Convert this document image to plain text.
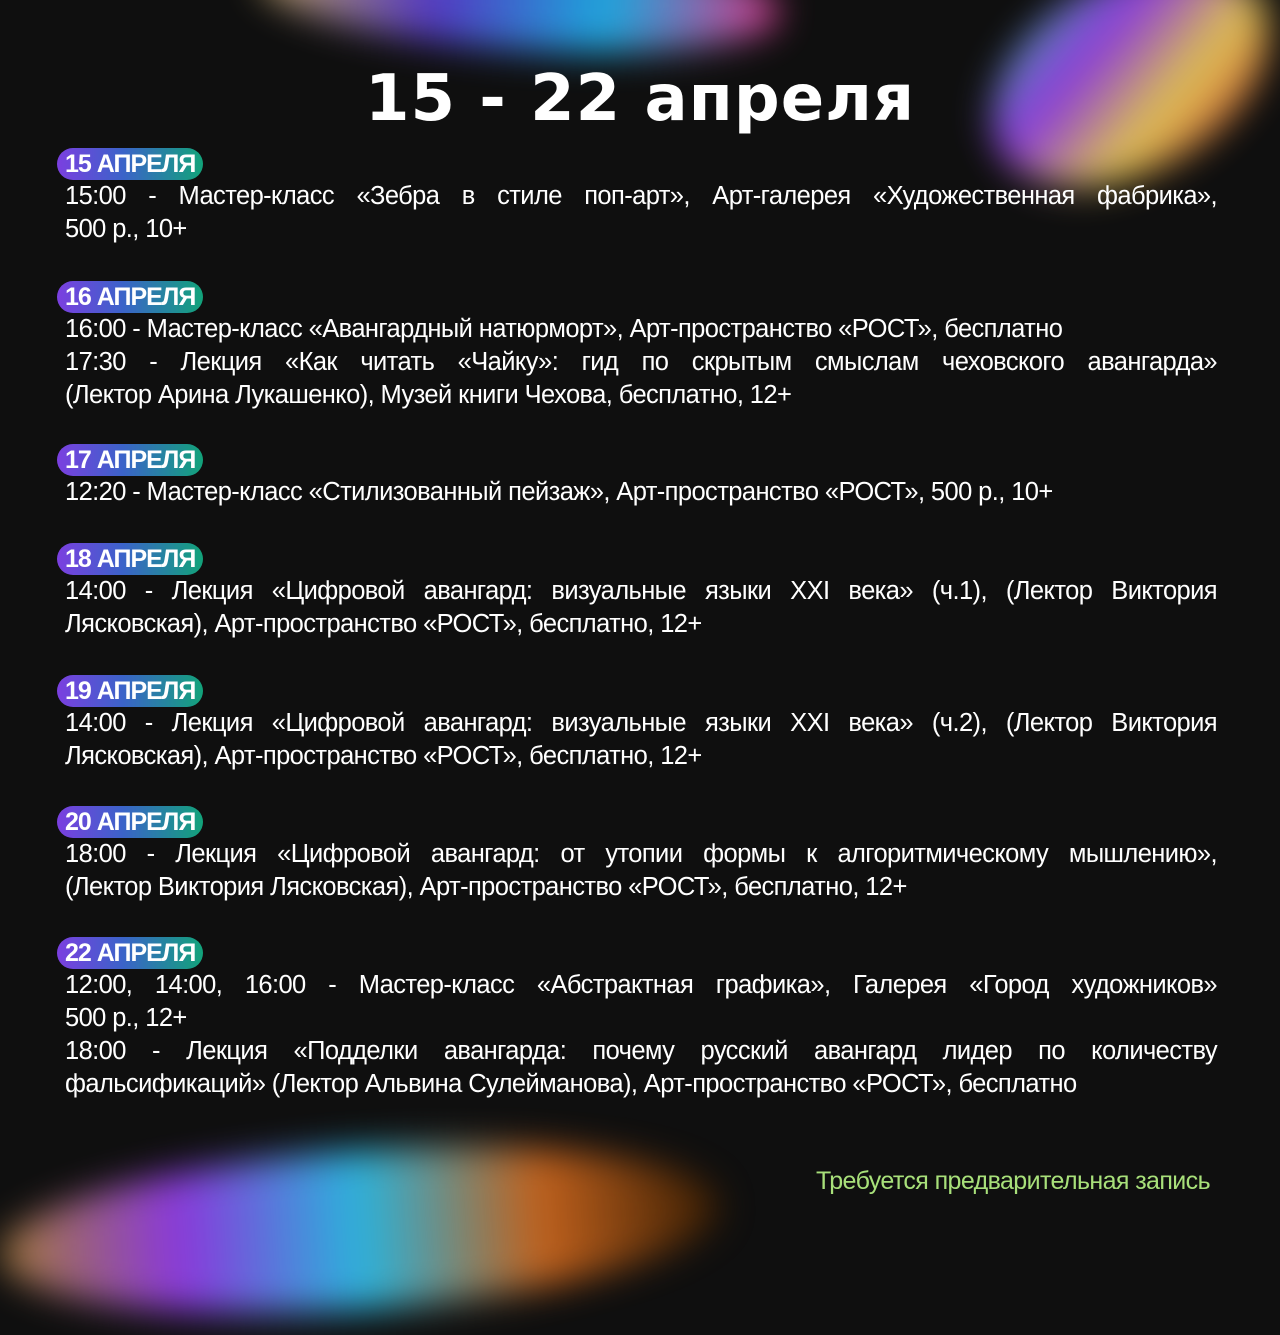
15 - 22 апреля
15 АПРЕЛЯ
15:00 - Мастер-класс «Зебра в стиле поп-арт», Арт-галерея «Художественная фабрика»,
500 р., 10+
16 АПРЕЛЯ
16:00 - Мастер-класс «Авангардный натюрморт», Арт-пространство «РОСТ», бесплатно
17:30 - Лекция «Как читать «Чайку»: гид по скрытым смыслам чеховского авангарда»
(Лектор Арина Лукашенко), Музей книги Чехова, бесплатно, 12+
17 АПРЕЛЯ
12:20 - Мастер-класс «Стилизованный пейзаж», Арт-пространство «РОСТ», 500 р., 10+
18 АПРЕЛЯ
14:00 - Лекция «Цифровой авангард: визуальные языки XXI века» (ч.1), (Лектор Виктория
Лясковская), Арт-пространство «РОСТ», бесплатно, 12+
19 АПРЕЛЯ
14:00 - Лекция «Цифровой авангард: визуальные языки XXI века» (ч.2), (Лектор Виктория
Лясковская), Арт-пространство «РОСТ», бесплатно, 12+
20 АПРЕЛЯ
18:00 - Лекция «Цифровой авангард: от утопии формы к алгоритмическому мышлению»,
(Лектор Виктория Лясковская), Арт-пространство «РОСТ», бесплатно, 12+
22 АПРЕЛЯ
12:00, 14:00, 16:00 - Мастер-класс «Абстрактная графика», Галерея «Город художников»
500 р., 12+
18:00 - Лекция «Подделки авангарда: почему русский авангард лидер по количеству
фальсификаций» (Лектор Альвина Сулейманова), Арт-пространство «РОСТ», бесплатно
Требуется предварительная запись
